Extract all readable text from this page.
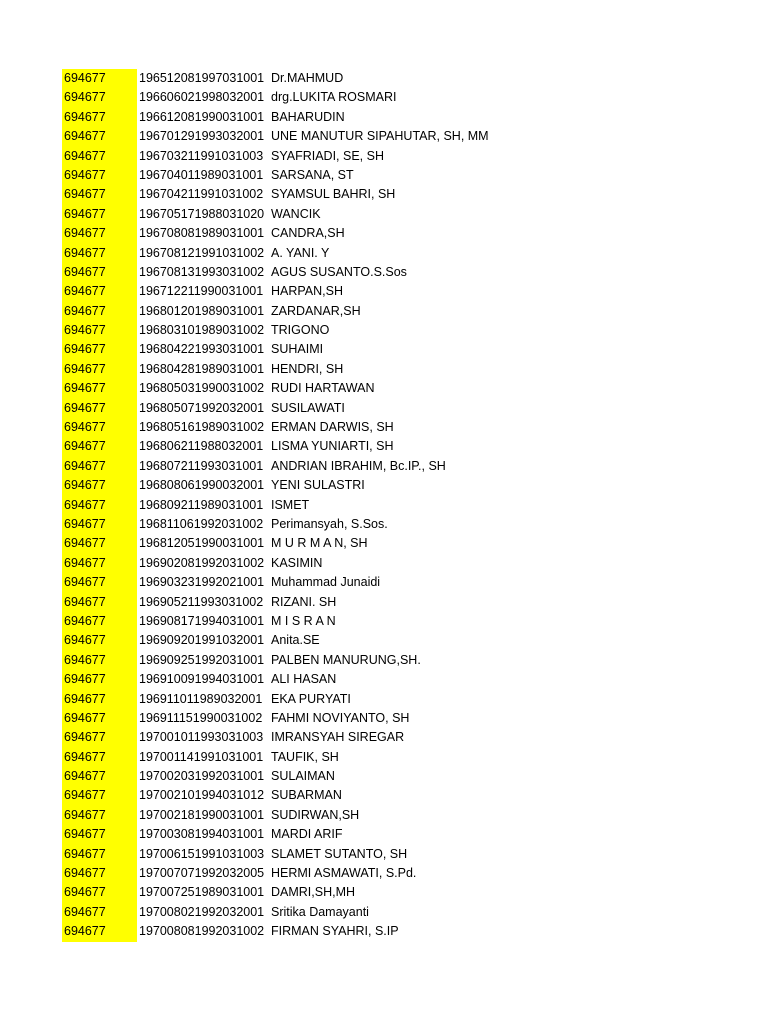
694677	196512081997031001 Dr.MAHMUD
694677	196606021998032001 drg.LUKITA ROSMARI
694677	196612081990031001 BAHARUDIN
694677	196701291993032001 UNE MANUTUR SIPAHUTAR, SH, MM
694677	196703211991031003 SYAFRIADI, SE, SH
694677	196704011989031001 SARSANA, ST
694677	196704211991031002 SYAMSUL BAHRI, SH
694677	196705171988031020 WANCIK
694677	196708081989031001 CANDRA,SH
694677	196708121991031002 A. YANI. Y
694677	196708131993031002 AGUS SUSANTO.S.Sos
694677	196712211990031001 HARPAN,SH
694677	196801201989031001 ZARDANAR,SH
694677	196803101989031002 TRIGONO
694677	196804221993031001 SUHAIMI
694677	196804281989031001 HENDRI, SH
694677	196805031990031002 RUDI HARTAWAN
694677	196805071992032001 SUSILAWATI
694677	196805161989031002 ERMAN DARWIS, SH
694677	196806211988032001 LISMA YUNIARTI, SH
694677	196807211993031001 ANDRIAN IBRAHIM, Bc.IP., SH
694677	196808061990032001 YENI SULASTRI
694677	196809211989031001 ISMET
694677	196811061992031002 Perimansyah, S.Sos.
694677	196812051990031001 M U R M A N, SH
694677	196902081992031002 KASIMIN
694677	196903231992021001 Muhammad Junaidi
694677	196905211993031002 RIZANI. SH
694677	196908171994031001 M I S R A N
694677	196909201991032001 Anita.SE
694677	196909251992031001 PALBEN MANURUNG,SH.
694677	196910091994031001 ALI HASAN
694677	196911011989032001 EKA PURYATI
694677	196911151990031002 FAHMI NOVIYANTO, SH
694677	197001011993031003 IMRANSYAH SIREGAR
694677	197001141991031001 TAUFIK, SH
694677	197002031992031001 SULAIMAN
694677	197002101994031012 SUBARMAN
694677	197002181990031001 SUDIRWAN,SH
694677	197003081994031001 MARDI ARIF
694677	197006151991031003 SLAMET SUTANTO, SH
694677	197007071992032005 HERMI ASMAWATI, S.Pd.
694677	197007251989031001 DAMRI,SH,MH
694677	197008021992032001 Sritika Damayanti
694677	197008081992031002 FIRMAN SYAHRI, S.IP
